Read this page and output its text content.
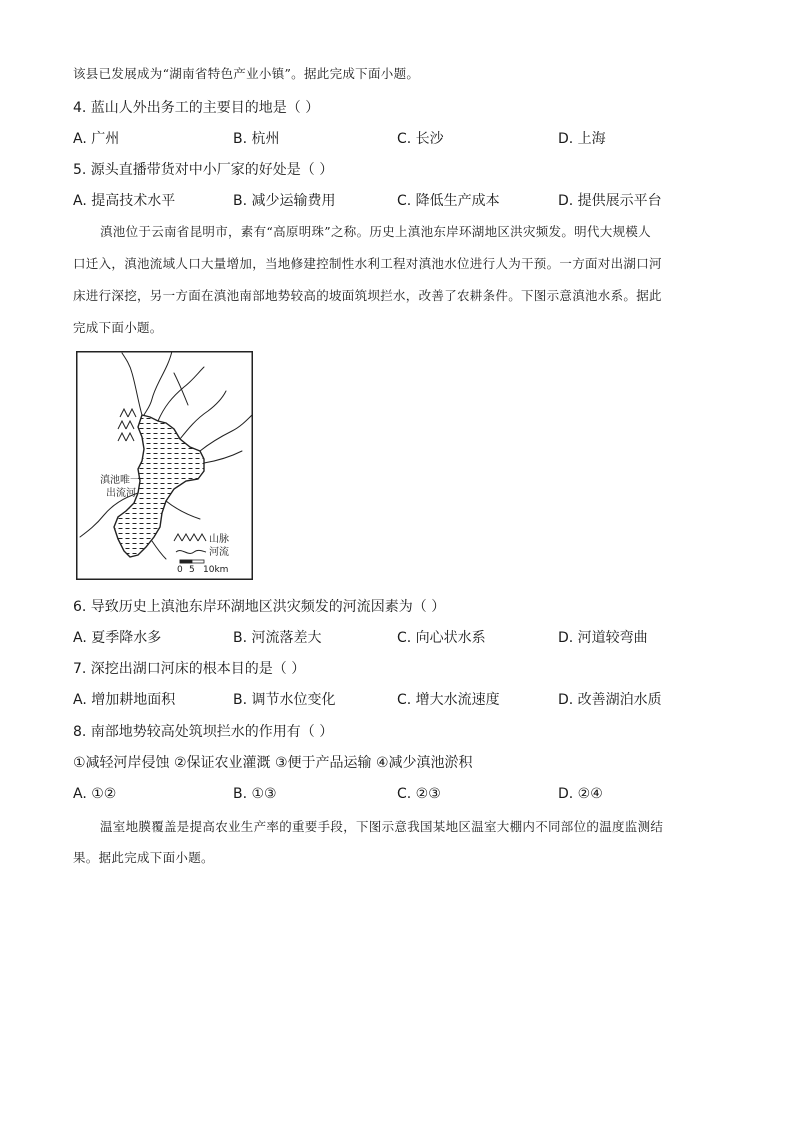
该县已发展成为“湖南省特色产业小镇”。据此完成下面小题。
4. 蓝山人外出务工的主要目的地是（ ）
A. 广州	B. 杭州	C. 长沙	D. 上海
5. 源头直播带货对中小厂家的好处是（ ）
A. 提高技术水平	B. 减少运输费用	C. 降低生产成本	D. 提供展示平台
滇池位于云南省昆明市，素有“高原明珠”之称。历史上滇池东岸环湖地区洪灾频发。明代大规模人
口迁入，滇池流域人口大量增加，当地修建控制性水利工程对滇池水位进行人为干预。一方面对出湖口河
床进行深挖，另一方面在滇池南部地势较高的坡面筑坝拦水，改善了农耕条件。下图示意滇池水系。据此
完成下面小题。
滇池唯一
出流河
山脉
河流
0 5 10km
6. 导致历史上滇池东岸环湖地区洪灾频发的河流因素为（ ）
A. 夏季降水多	B. 河流落差大	C. 向心状水系	D. 河道较弯曲
7. 深挖出湖口河床的根本目的是（ ）
A. 增加耕地面积	B. 调节水位变化	C. 增大水流速度	D. 改善湖泊水质
8. 南部地势较高处筑坝拦水的作用有（ ）
①减轻河岸侵蚀 ②保证农业灌溉 ③便于产品运输 ④减少滇池淤积
A. ①②	B. ①③	C. ②③	D. ②④
温室地膜覆盖是提高农业生产率的重要手段，下图示意我国某地区温室大棚内不同部位的温度监测结
果。据此完成下面小题。
